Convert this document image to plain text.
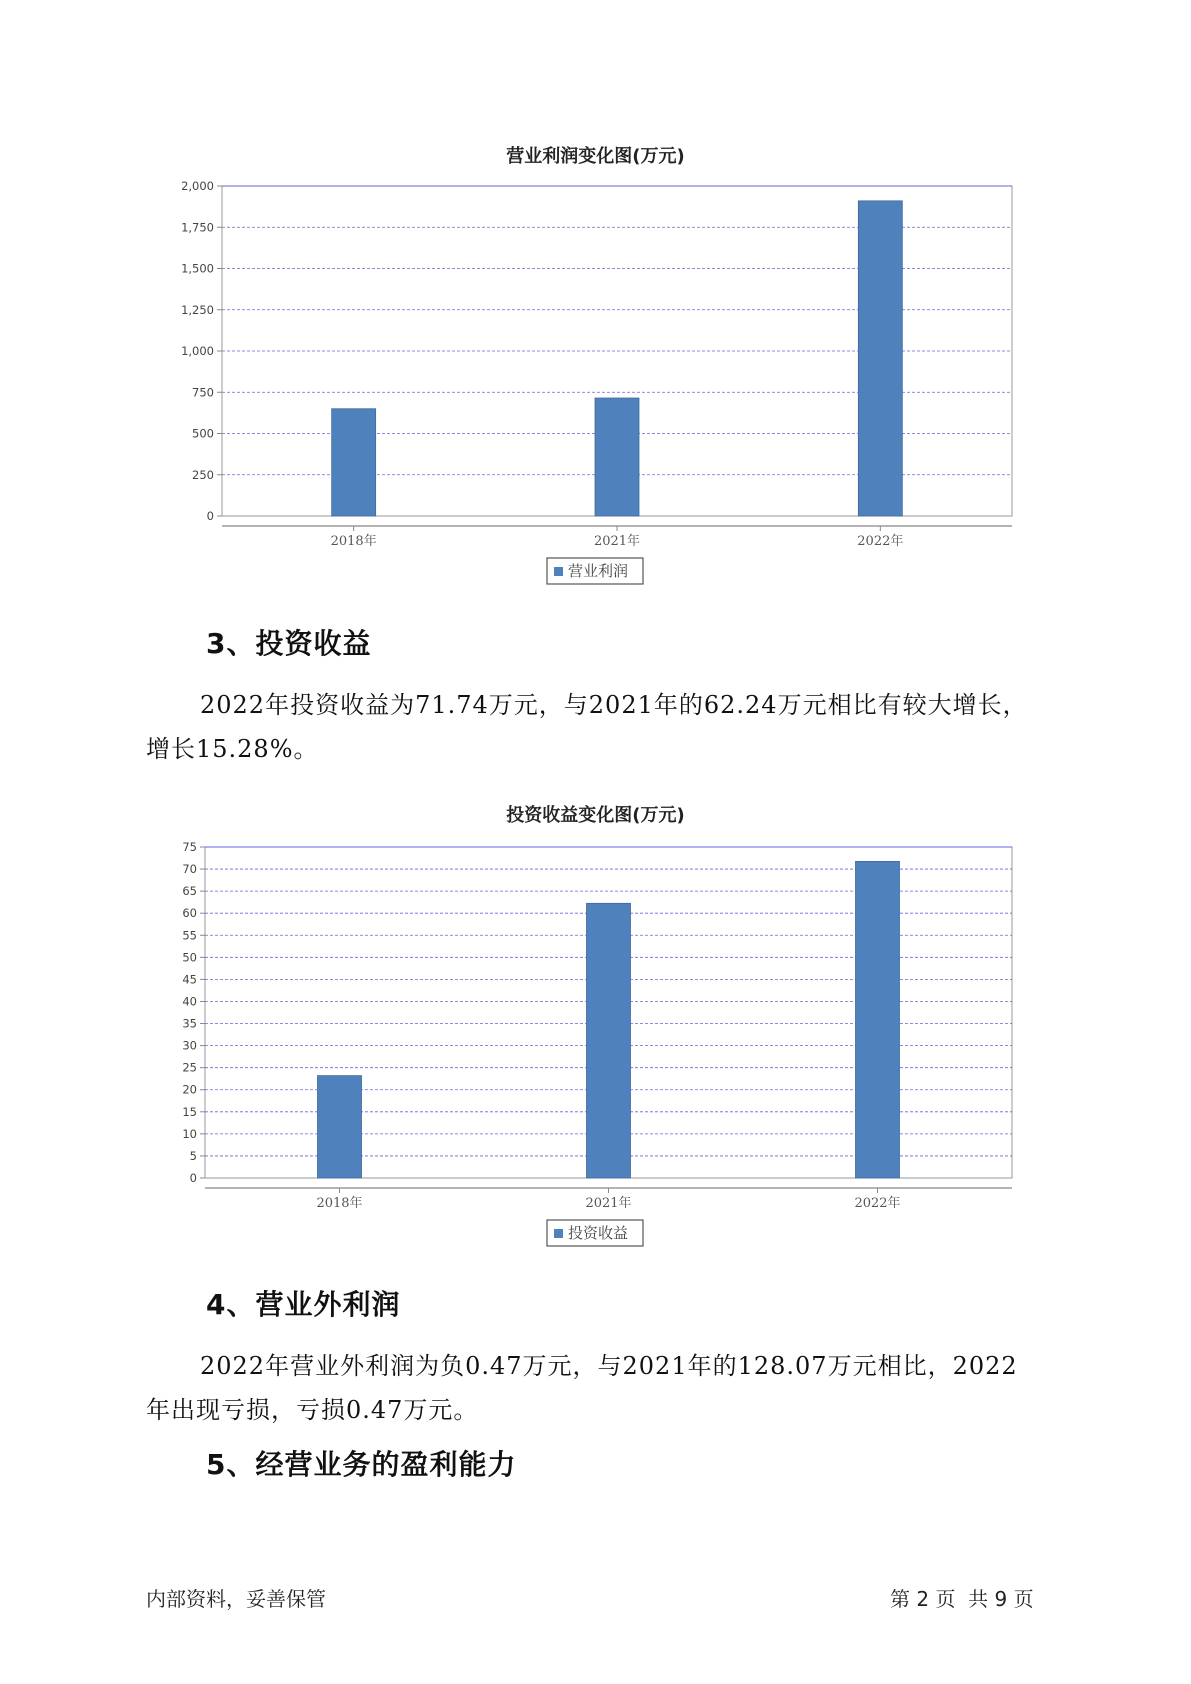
营业利润变化图(万元)
0
250
500
750
1,000
1,250
1,500
1,750
2,000
2018年	2021年	2022年
营业利润
3、投资收益
2022年投资收益为71.74万元，与2021年的62.24万元相比有较大增长，
增长15.28%。
投资收益变化图(万元)
0
5
10
15
20
25
30
35
40
45
50
55
60
65
70
75
2018年	2021年	2022年
投资收益
4、营业外利润
2022年营业外利润为负0.47万元，与2021年的128.07万元相比，2022
年出现亏损，亏损0.47万元。
5、经营业务的盈利能力
内部资料，妥善保管	第 2 页  共 9 页
